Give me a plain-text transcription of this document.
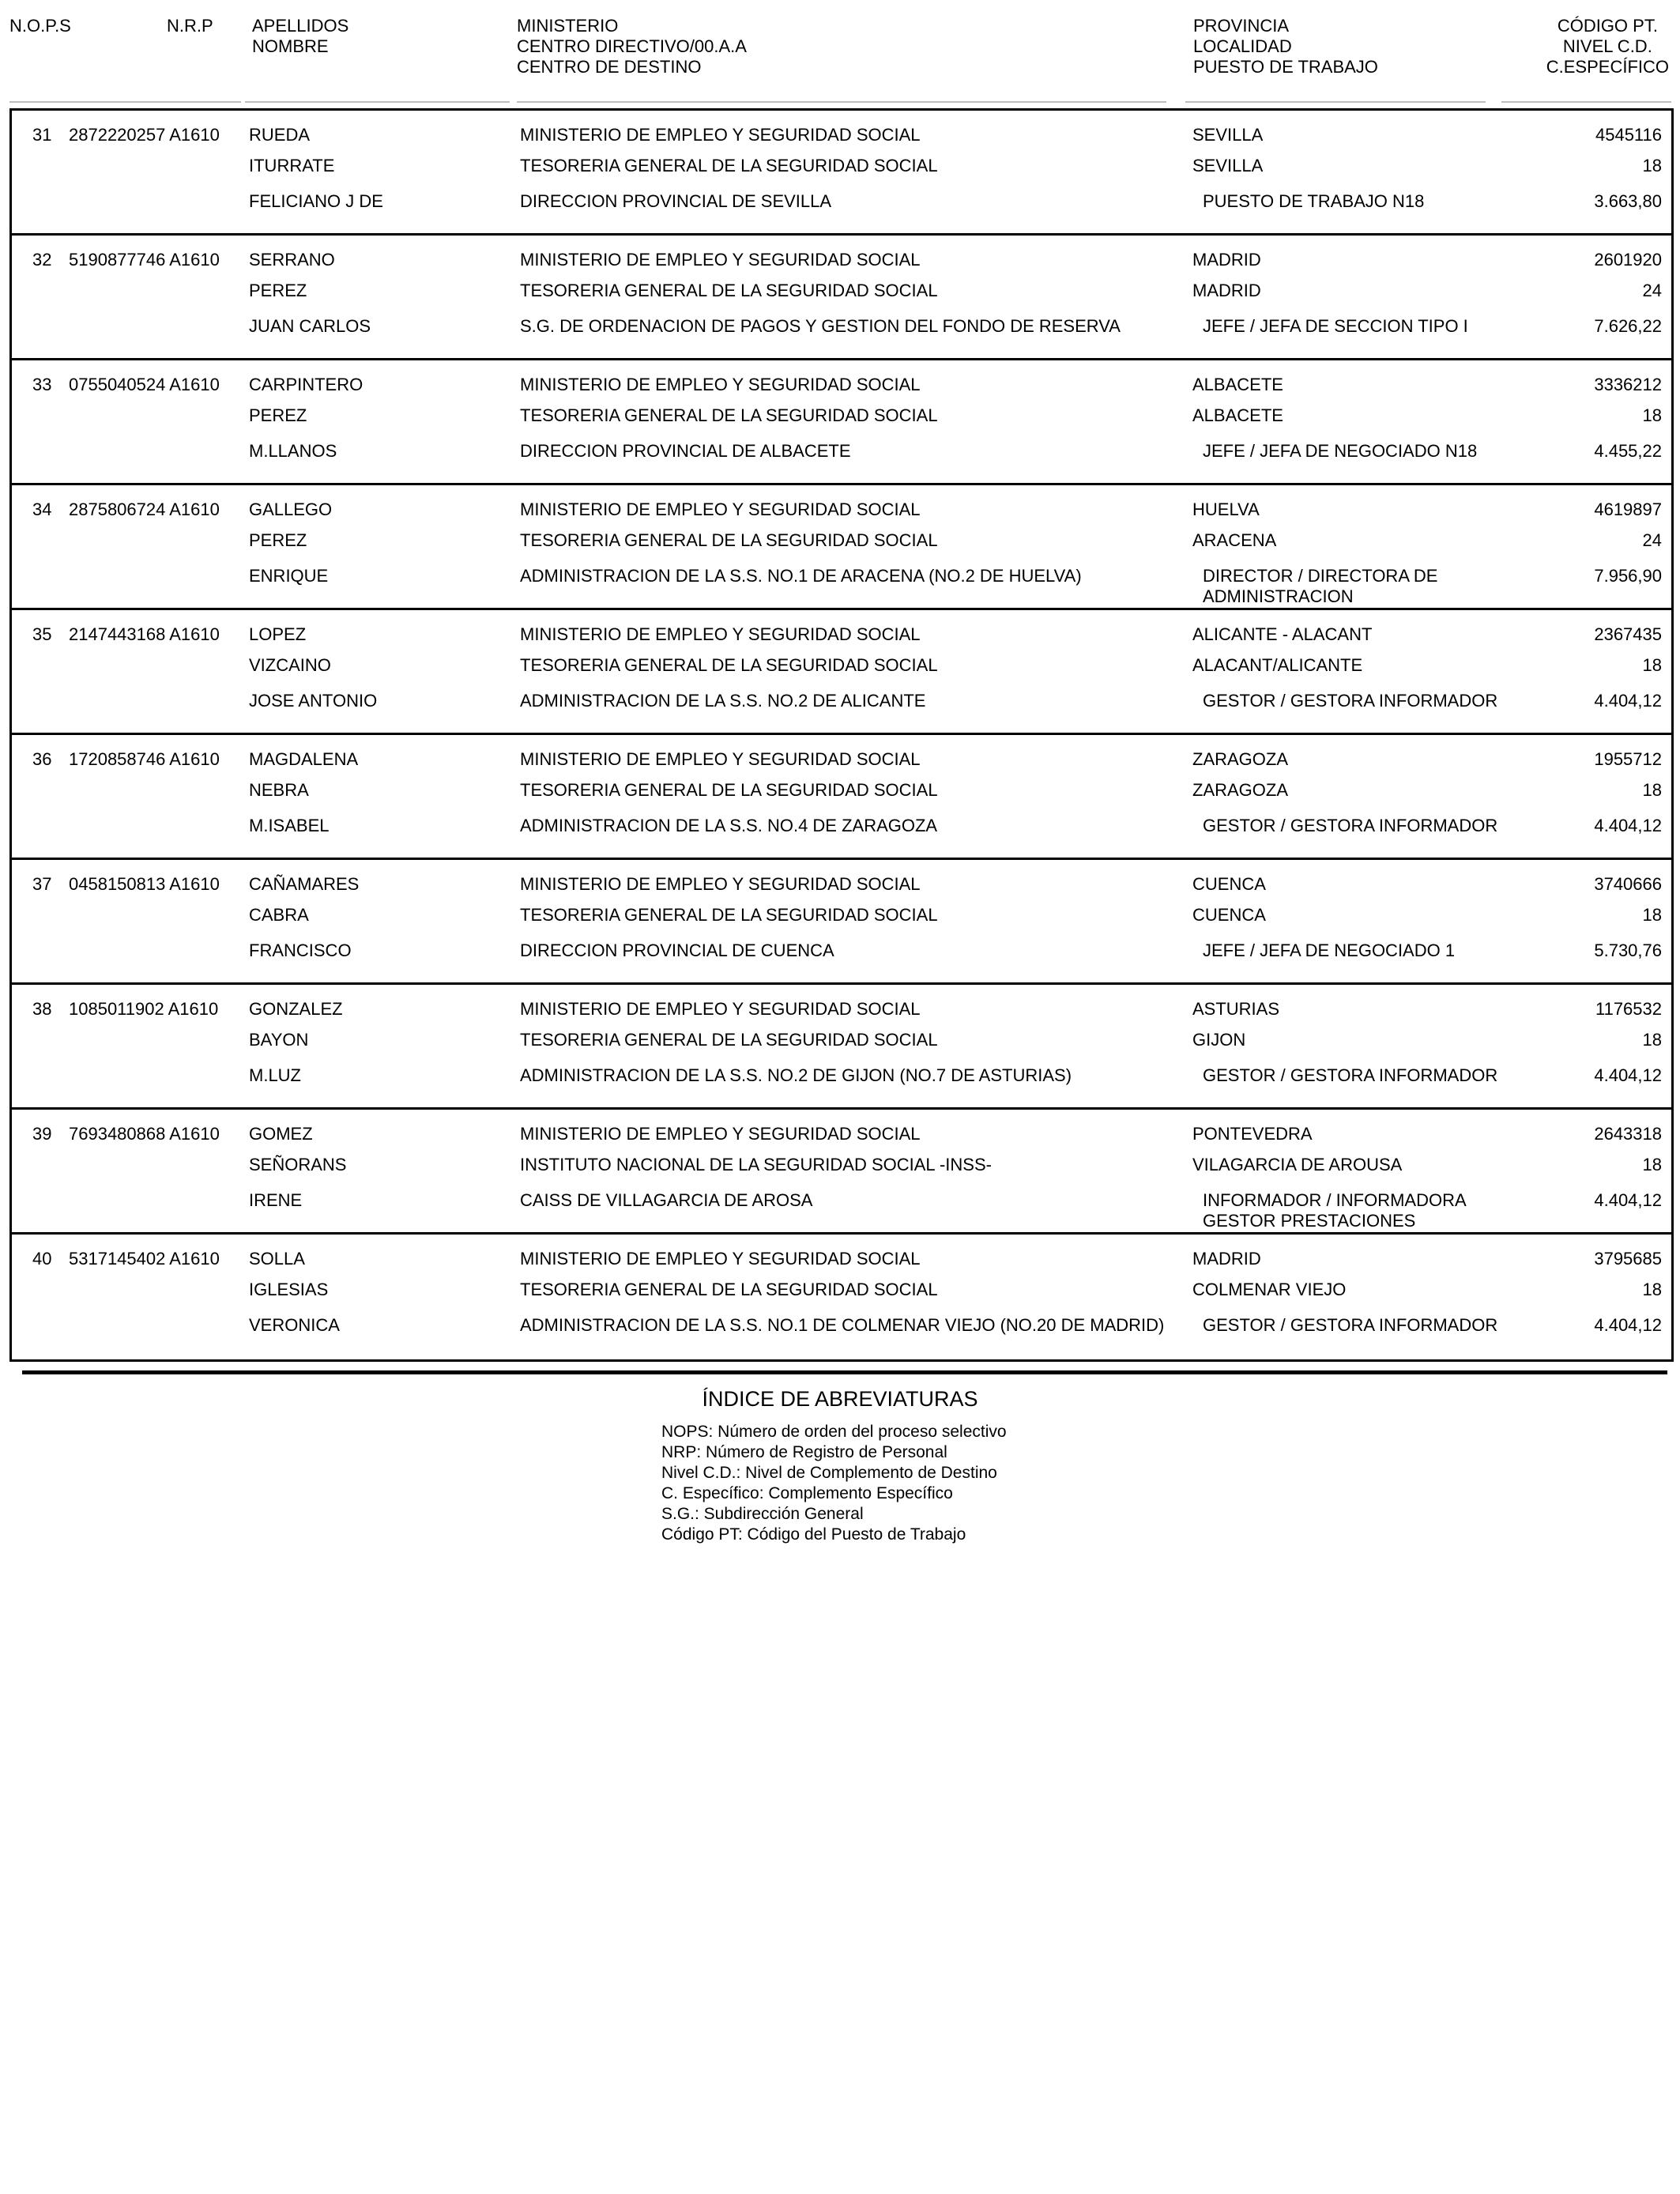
N.O.P.S	N.R.P APELLIDOS
NOMBRE
MINISTERIO
CENTRO DIRECTIVO/00.A.A
CENTRO DE DESTINO
PROVINCIA
LOCALIDAD
PUESTO DE TRABAJO
CÓDIGO PT.
NIVEL C.D.
C.ESPECÍFICO
31 2872220257 A1610 RUEDA
ITURRATE
FELICIANO J DE
MINISTERIO DE EMPLEO Y SEGURIDAD SOCIAL
TESORERIA GENERAL DE LA SEGURIDAD SOCIAL
DIRECCION PROVINCIAL DE SEVILLA
SEVILLA
SEVILLA
PUESTO DE TRABAJO N18
4545116
18
3.663,80
32 5190877746 A1610 SERRANO
PEREZ
JUAN CARLOS
MINISTERIO DE EMPLEO Y SEGURIDAD SOCIAL
TESORERIA GENERAL DE LA SEGURIDAD SOCIAL
S.G. DE ORDENACION DE PAGOS Y GESTION DEL FONDO DE RESERVA
MADRID
MADRID
JEFE / JEFA DE SECCION TIPO I
2601920
24
7.626,22
33 0755040524 A1610 CARPINTERO
PEREZ
M.LLANOS
MINISTERIO DE EMPLEO Y SEGURIDAD SOCIAL
TESORERIA GENERAL DE LA SEGURIDAD SOCIAL
DIRECCION PROVINCIAL DE ALBACETE
ALBACETE
ALBACETE
JEFE / JEFA DE NEGOCIADO N18
3336212
18
4.455,22
34 2875806724 A1610 GALLEGO
PEREZ
ENRIQUE
MINISTERIO DE EMPLEO Y SEGURIDAD SOCIAL
TESORERIA GENERAL DE LA SEGURIDAD SOCIAL
ADMINISTRACION DE LA S.S. NO.1 DE ARACENA (NO.2 DE HUELVA)
HUELVA
ARACENA
DIRECTOR / DIRECTORA DE ADMINISTRACION
4619897
24
7.956,90
35 2147443168 A1610 LOPEZ
VIZCAINO
JOSE ANTONIO
MINISTERIO DE EMPLEO Y SEGURIDAD SOCIAL
TESORERIA GENERAL DE LA SEGURIDAD SOCIAL
ADMINISTRACION DE LA S.S. NO.2 DE ALICANTE
ALICANTE - ALACANT
ALACANT/ALICANTE
GESTOR / GESTORA INFORMADOR
2367435
18
4.404,12
36 1720858746 A1610 MAGDALENA
NEBRA
M.ISABEL
MINISTERIO DE EMPLEO Y SEGURIDAD SOCIAL
TESORERIA GENERAL DE LA SEGURIDAD SOCIAL
ADMINISTRACION DE LA S.S. NO.4 DE ZARAGOZA
ZARAGOZA
ZARAGOZA
GESTOR / GESTORA INFORMADOR
1955712
18
4.404,12
37 0458150813 A1610 CAÑAMARES
CABRA
FRANCISCO
MINISTERIO DE EMPLEO Y SEGURIDAD SOCIAL
TESORERIA GENERAL DE LA SEGURIDAD SOCIAL
DIRECCION PROVINCIAL DE CUENCA
CUENCA
CUENCA
JEFE / JEFA DE NEGOCIADO 1
3740666
18
5.730,76
38 1085011902 A1610 GONZALEZ
BAYON
M.LUZ
MINISTERIO DE EMPLEO Y SEGURIDAD SOCIAL
TESORERIA GENERAL DE LA SEGURIDAD SOCIAL
ADMINISTRACION DE LA S.S. NO.2 DE GIJON (NO.7 DE ASTURIAS)
ASTURIAS
GIJON
GESTOR / GESTORA INFORMADOR
1176532
18
4.404,12
39 7693480868 A1610 GOMEZ
SEÑORANS
IRENE
MINISTERIO DE EMPLEO Y SEGURIDAD SOCIAL
INSTITUTO NACIONAL DE LA SEGURIDAD SOCIAL -INSS-
CAISS DE VILLAGARCIA DE AROSA
PONTEVEDRA
VILAGARCIA DE AROUSA
INFORMADOR / INFORMADORA GESTOR PRESTACIONES
2643318
18
4.404,12
40 5317145402 A1610 SOLLA
IGLESIAS
VERONICA
MINISTERIO DE EMPLEO Y SEGURIDAD SOCIAL
TESORERIA GENERAL DE LA SEGURIDAD SOCIAL
ADMINISTRACION DE LA S.S. NO.1 DE COLMENAR VIEJO (NO.20 DE MADRID)
MADRID
COLMENAR VIEJO
GESTOR / GESTORA INFORMADOR
3795685
18
4.404,12
ÍNDICE DE ABREVIATURAS
NOPS: Número de orden del proceso selectivo
NRP: Número de Registro de Personal
Nivel C.D.: Nivel de Complemento de Destino
C. Específico: Complemento Específico
S.G.: Subdirección General
Código PT: Código del Puesto de Trabajo
